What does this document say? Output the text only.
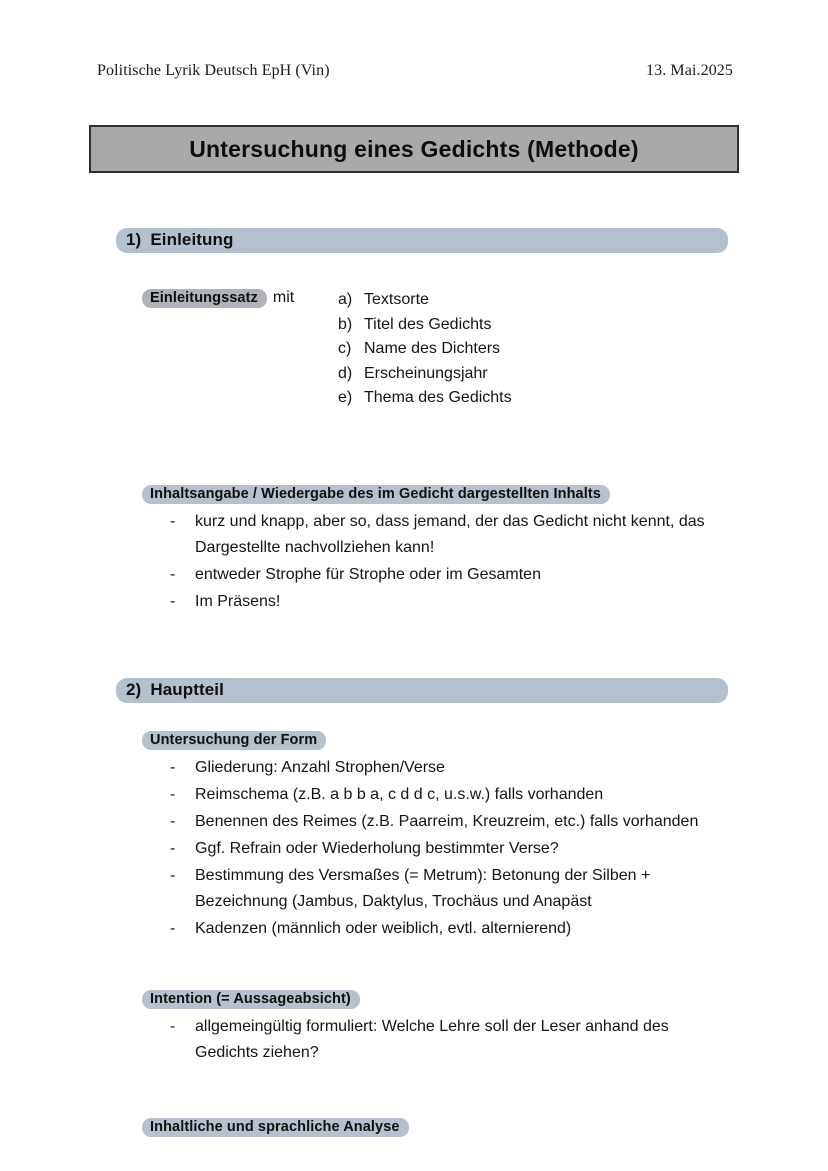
Politische Lyrik Deutsch EpH (Vin)	13. Mai.2025
Untersuchung eines Gedichts (Methode)
1) Einleitung
Einleitungssatz mit	a) Textsorte
b) Titel des Gedichts
c) Name des Dichters
d) Erscheinungsjahr
e) Thema des Gedichts
Inhaltsangabe / Wiedergabe des im Gedicht dargestellten Inhalts
-	kurz und knapp, aber so, dass jemand, der das Gedicht nicht kennt, das Dargestellte nachvollziehen kann!
-	entweder Strophe für Strophe oder im Gesamten
-	Im Präsens!
2) Hauptteil
Untersuchung der Form
-	Gliederung: Anzahl Strophen/Verse
-	Reimschema (z.B. a b b a, c d d c, u.s.w.) falls vorhanden
-	Benennen des Reimes (z.B. Paarreim, Kreuzreim, etc.) falls vorhanden
-	Ggf. Refrain oder Wiederholung bestimmter Verse?
-	Bestimmung des Versmaßes (= Metrum): Betonung der Silben + Bezeichnung (Jambus, Daktylus, Trochäus und Anapäst
-	Kadenzen (männlich oder weiblich, evtl. alternierend)
Intention (= Aussageabsicht)
-	allgemeingültig formuliert: Welche Lehre soll der Leser anhand des Gedichts ziehen?
Inhaltliche und sprachliche Analyse
